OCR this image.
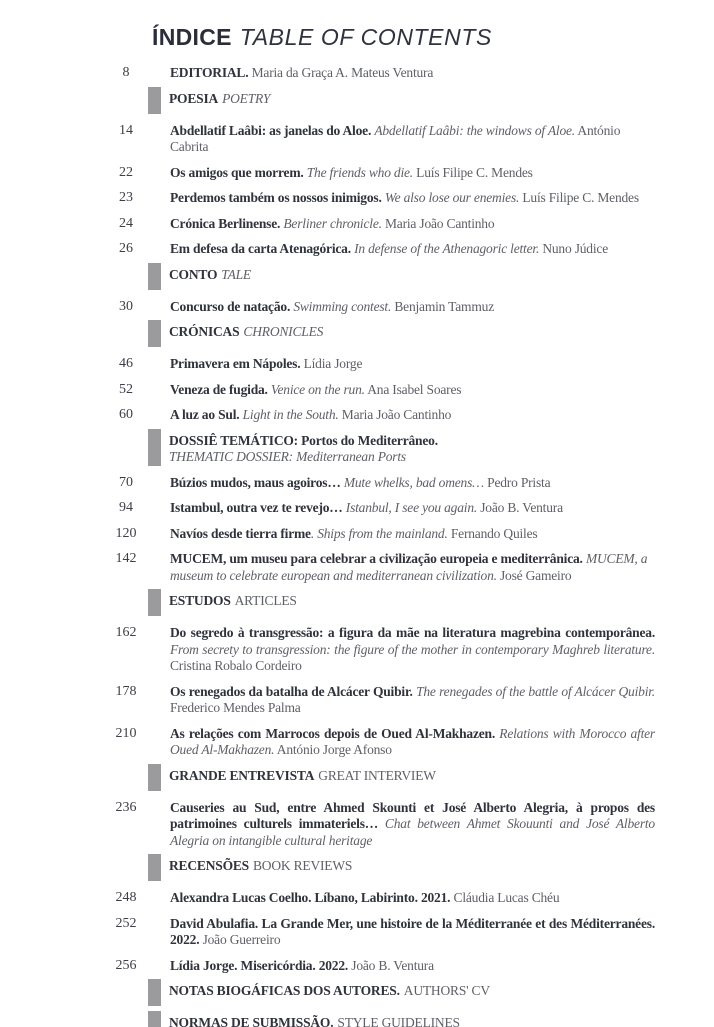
ÍNDICE TABLE OF CONTENTS
8	EDITORIAL. Maria da Graça A. Mateus Ventura

POESIA POETRY

14	Abdellatif Laâbi: as janelas do Aloe. Abdellatif Laâbi: the windows of Aloe. António Cabrita

22	Os amigos que morrem. The friends who die. Luís Filipe C. Mendes

23	Perdemos também os nossos inimigos. We also lose our enemies. Luís Filipe C. Mendes

24	Crónica Berlinense. Berliner chronicle. Maria João Cantinho

26	Em defesa da carta Atenagórica. In defense of the Athenagoric letter. Nuno Júdice

CONTO TALE

30	Concurso de natação. Swimming contest. Benjamin Tammuz

CRÓNICAS CHRONICLES

46	Primavera em Nápoles. Lídia Jorge

52	Veneza de fugida. Venice on the run. Ana Isabel Soares

60	A luz ao Sul. Light in the South. Maria João Cantinho

DOSSIÊ TEMÁTICO: Portos do Mediterrâneo.
THEMATIC DOSSIER: Mediterranean Ports

70	Búzios mudos, maus agoiros… Mute whelks, bad omens… Pedro Prista

94	Istambul, outra vez te revejo… Istanbul, I see you again. João B. Ventura

120	Navíos desde tierra firme. Ships from the mainland. Fernando Quiles

142	MUCEM, um museu para celebrar a civilização europeia e mediterrânica. MUCEM, a museum to celebrate european and mediterranean civilization. José Gameiro

ESTUDOS ARTICLES

162	Do segredo à transgressão: a figura da mãe na literatura magrebina contemporânea. From secrety to transgression: the figure of the mother in contemporary Maghreb literature. Cristina Robalo Cordeiro

178	Os renegados da batalha de Alcácer Quibir. The renegades of the battle of Alcácer Quibir. Frederico Mendes Palma

210	As relações com Marrocos depois de Oued Al-Makhazen. Relations with Morocco after Oued Al-Makhazen. António Jorge Afonso

GRANDE ENTREVISTA GREAT INTERVIEW

236	Causeries au Sud, entre Ahmed Skounti et José Alberto Alegria, à propos des patrimoines culturels immateriels… Chat between Ahmet Skouunti and José Alberto Alegria on intangible cultural heritage

RECENSÕES BOOK REVIEWS

248	Alexandra Lucas Coelho. Líbano, Labirinto. 2021. Cláudia Lucas Chéu

252	David Abulafia. La Grande Mer, une histoire de la Méditerranée et des Méditerranées. 2022. João Guerreiro

256	Lídia Jorge. Misericórdia. 2022. João B. Ventura

NOTAS BIOGÁFICAS DOS AUTORES. AUTHORS' CV

NORMAS DE SUBMISSÃO. STYLE GUIDELINES
